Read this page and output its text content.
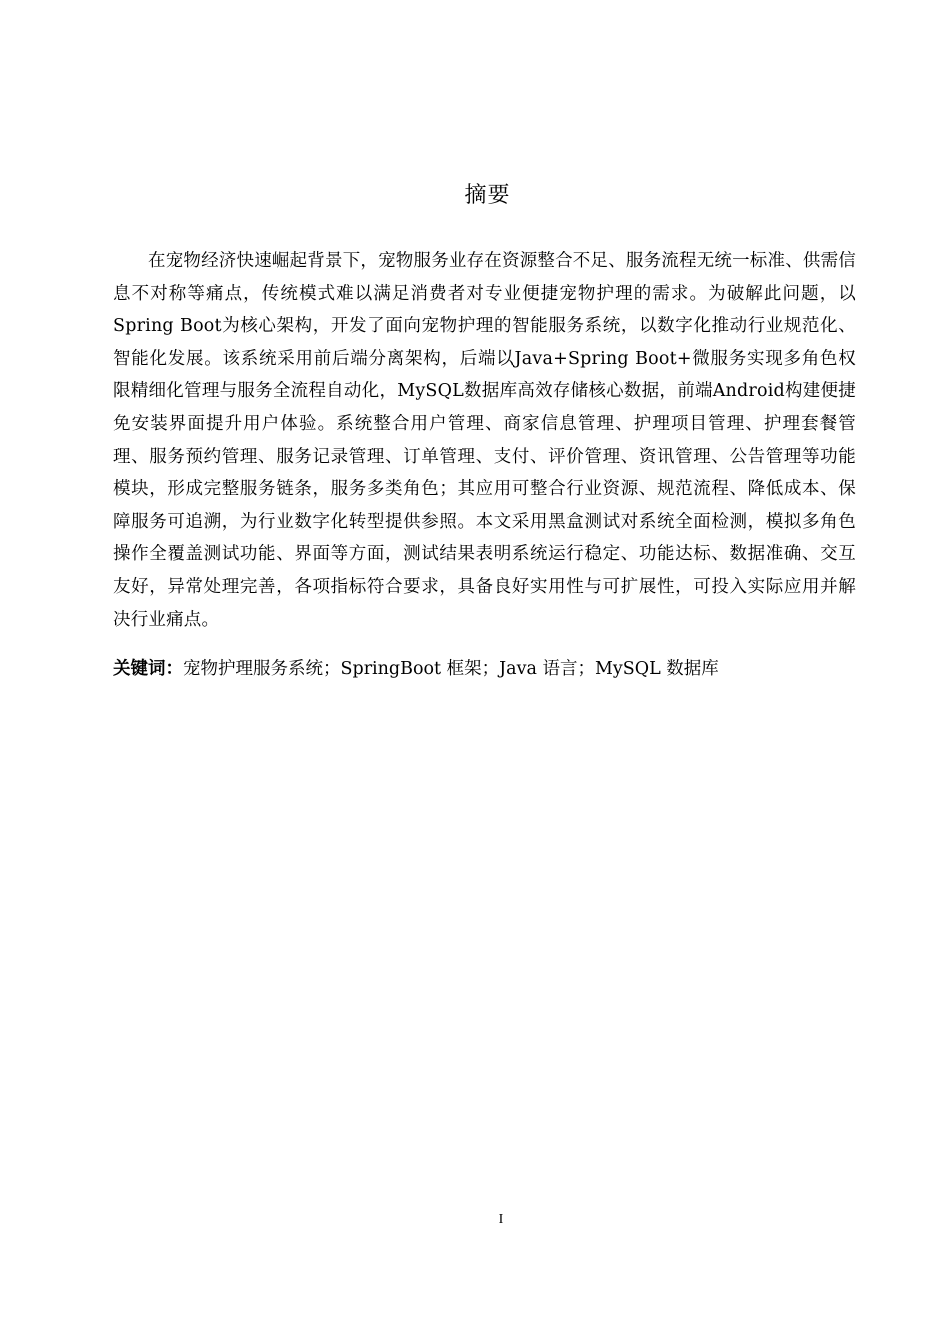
摘要

在宠物经济快速崛起背景下，宠物服务业存在资源整合不足、服务流程无统一标准、供需信息不对称等痛点，传统模式难以满足消费者对专业便捷宠物护理的需求。为破解此问题，以Spring Boot为核心架构，开发了面向宠物护理的智能服务系统，以数字化推动行业规范化、智能化发展。该系统采用前后端分离架构，后端以Java+Spring Boot+微服务实现多角色权限精细化管理与服务全流程自动化，MySQL数据库高效存储核心数据，前端Android构建便捷免安装界面提升用户体验。系统整合用户管理、商家信息管理、护理项目管理、护理套餐管理、服务预约管理、服务记录管理、订单管理、支付、评价管理、资讯管理、公告管理等功能模块，形成完整服务链条，服务多类角色；其应用可整合行业资源、规范流程、降低成本、保障服务可追溯，为行业数字化转型提供参照。本文采用黑盒测试对系统全面检测，模拟多角色操作全覆盖测试功能、界面等方面，测试结果表明系统运行稳定、功能达标、数据准确、交互友好，异常处理完善，各项指标符合要求，具备良好实用性与可扩展性，可投入实际应用并解决行业痛点。

关键词：宠物护理服务系统；SpringBoot 框架；Java 语言；MySQL 数据库

I
